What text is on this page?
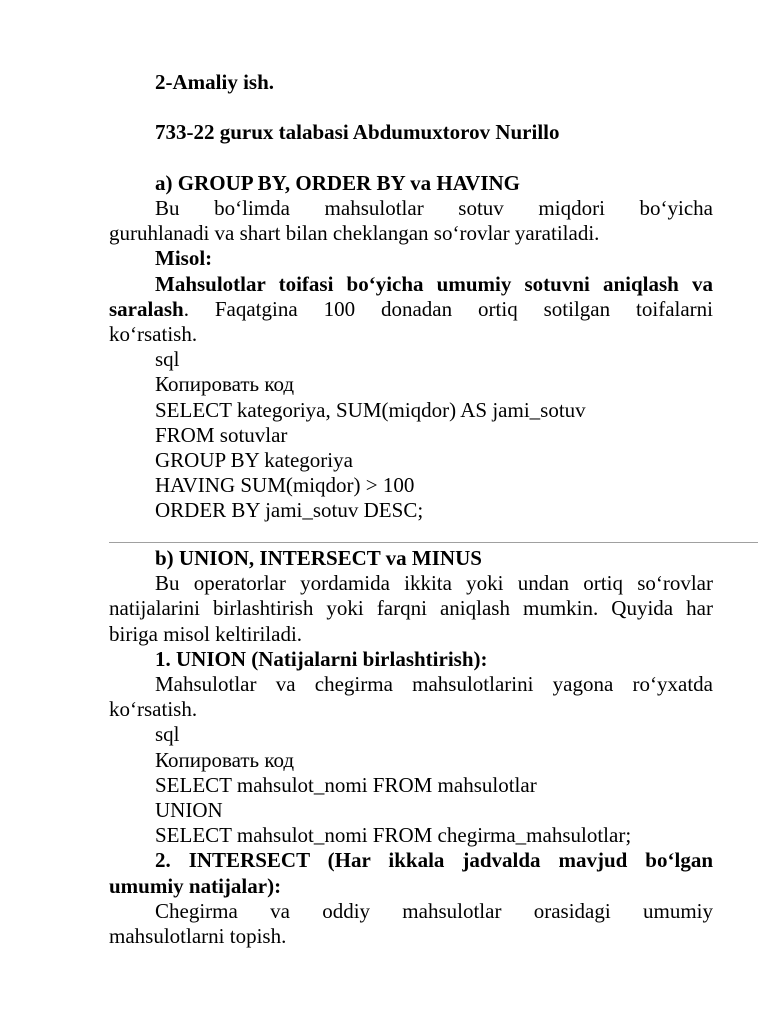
2-Amaliy ish.
733-22 gurux talabasi Abdumuxtorov Nurillo
a) GROUP BY, ORDER BY va HAVING
Bu bo‘limda mahsulotlar sotuv miqdori bo‘yicha
guruhlanadi va shart bilan cheklangan so‘rovlar yaratiladi.
Misol:
Mahsulotlar toifasi bo‘yicha umumiy sotuvni aniqlash va
saralash. Faqatgina 100 donadan ortiq sotilgan toifalarni
ko‘rsatish.
sql
Копировать код
SELECT kategoriya, SUM(miqdor) AS jami_sotuv
FROM sotuvlar
GROUP BY kategoriya
HAVING SUM(miqdor) > 100
ORDER BY jami_sotuv DESC;
b) UNION, INTERSECT va MINUS
Bu operatorlar yordamida ikkita yoki undan ortiq so‘rovlar
natijalarini birlashtirish yoki farqni aniqlash mumkin. Quyida har
biriga misol keltiriladi.
1. UNION (Natijalarni birlashtirish):
Mahsulotlar va chegirma mahsulotlarini yagona ro‘yxatda
ko‘rsatish.
sql
Копировать код
SELECT mahsulot_nomi FROM mahsulotlar
UNION
SELECT mahsulot_nomi FROM chegirma_mahsulotlar;
2. INTERSECT (Har ikkala jadvalda mavjud bo‘lgan
umumiy natijalar):
Chegirma va oddiy mahsulotlar orasidagi umumiy
mahsulotlarni topish.
